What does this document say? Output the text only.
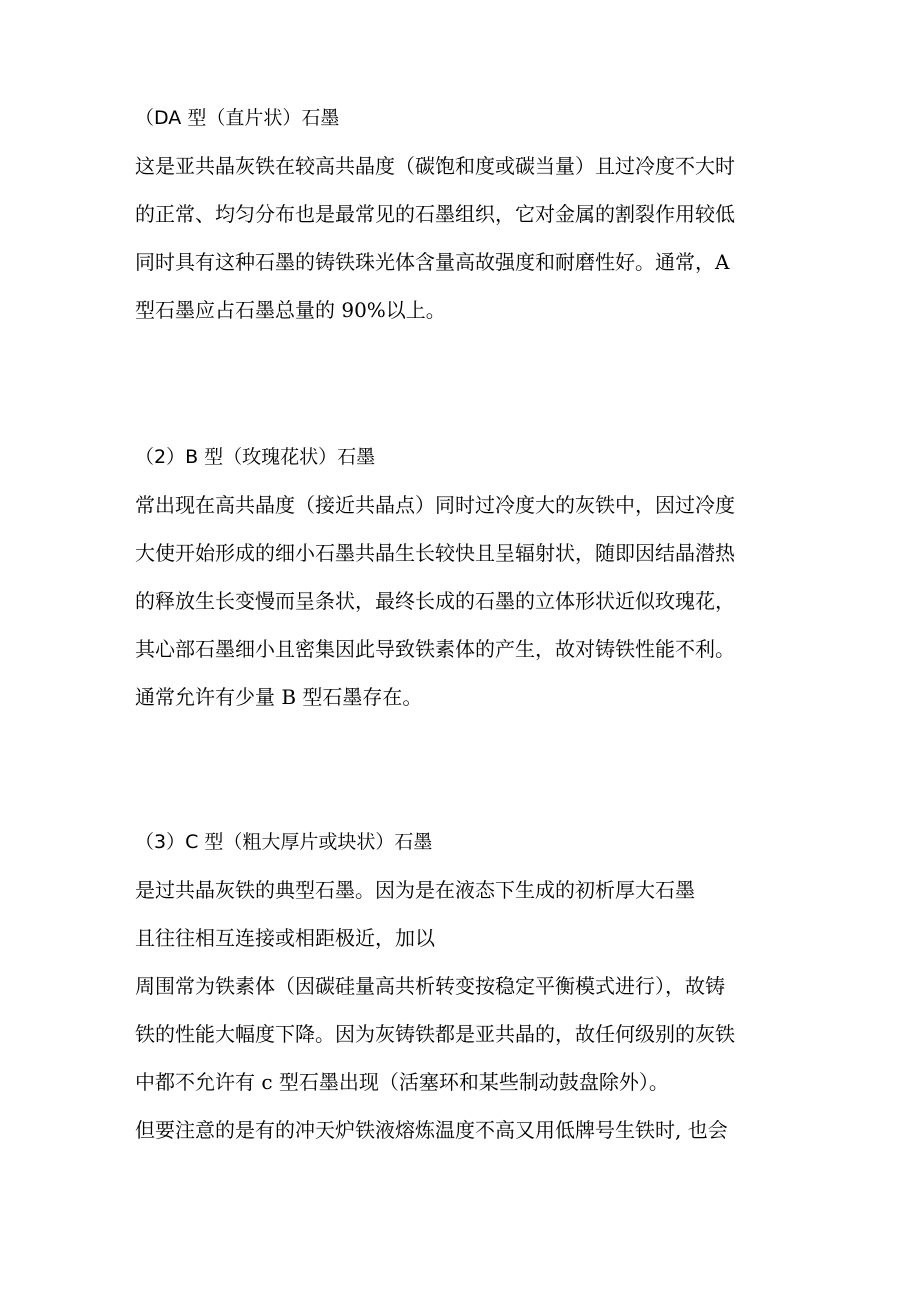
（DA 型（直片状）石墨
这是亚共晶灰铁在较高共晶度（碳饱和度或碳当量）且过冷度不大时
的正常、均匀分布也是最常见的石墨组织，它对金属的割裂作用较低
同时具有这种石墨的铸铁珠光体含量高故强度和耐磨性好。通常，A
型石墨应占石墨总量的 90%以上。
（2）B 型（玫瑰花状）石墨
常出现在高共晶度（接近共晶点）同时过冷度大的灰铁中，因过冷度
大使开始形成的细小石墨共晶生长较快且呈辐射状，随即因结晶潜热
的释放生长变慢而呈条状，最终长成的石墨的立体形状近似玫瑰花，
其心部石墨细小且密集因此导致铁素体的产生，故对铸铁性能不利。
通常允许有少量 B 型石墨存在。
（3）C 型（粗大厚片或块状）石墨
是过共晶灰铁的典型石墨。因为是在液态下生成的初析厚大石墨
且往往相互连接或相距极近，加以
周围常为铁素体（因碳硅量高共析转变按稳定平衡模式进行），故铸
铁的性能大幅度下降。因为灰铸铁都是亚共晶的，故任何级别的灰铁
中都不允许有 c 型石墨出现（活塞环和某些制动鼓盘除外）。
但要注意的是有的冲天炉铁液熔炼温度不高又用低牌号生铁时, 也会
